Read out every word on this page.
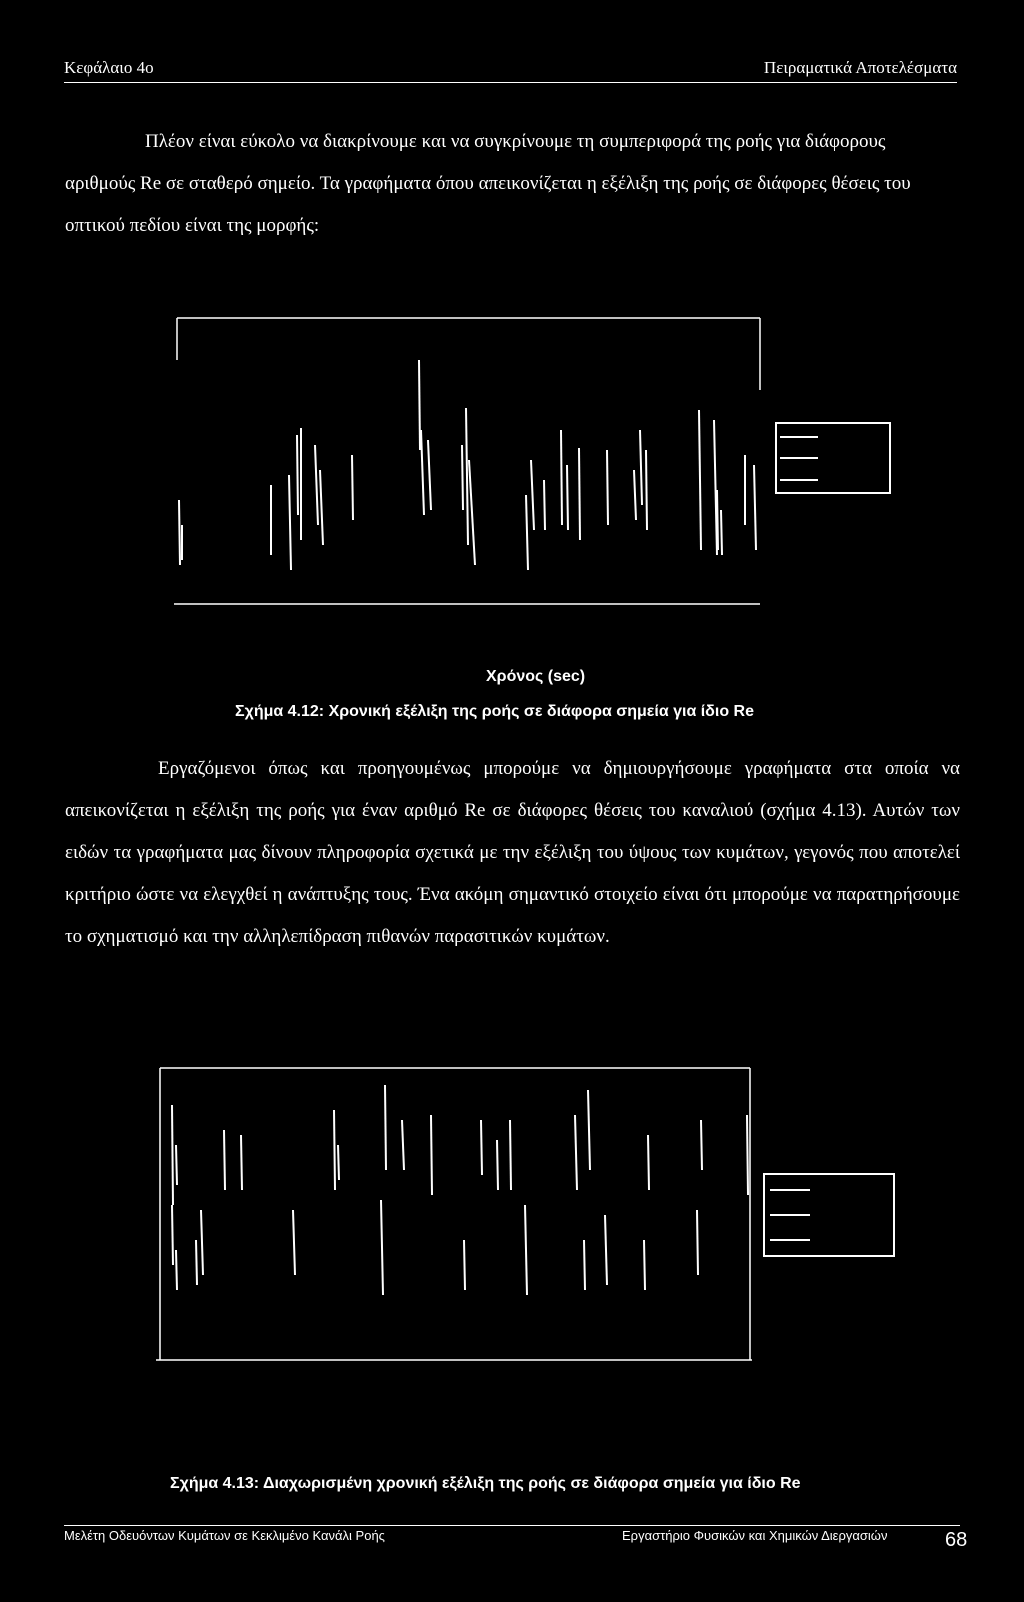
Κεφάλαιο 4ο	Πειραματικά Αποτελέσματα

Πλέον είναι εύκολο να διακρίνουμε και να συγκρίνουμε τη συμπεριφορά της ροής για διάφορους αριθμούς Re σε σταθερό σημείο. Τα γραφήματα όπου απεικονίζεται η εξέλιξη της ροής σε διάφορες θέσεις του οπτικού πεδίου είναι της μορφής:

Χρόνος (sec)
Σχήμα 4.12: Χρονική εξέλιξη της ροής σε διάφορα σημεία για ίδιο Re

Εργαζόμενοι όπως και προηγουμένως μπορούμε να δημιουργήσουμε γραφήματα στα οποία να απεικονίζεται η εξέλιξη της ροής για έναν αριθμό Re σε διάφορες θέσεις του καναλιού (σχήμα 4.13). Αυτών των ειδών τα γραφήματα μας δίνουν πληροφορία σχετικά με την εξέλιξη του ύψους των κυμάτων, γεγονός που αποτελεί κριτήριο ώστε να ελεγχθεί η ανάπτυξης τους. Ένα ακόμη σημαντικό στοιχείο είναι ότι μπορούμε να παρατηρήσουμε το σχηματισμό και την αλληλεπίδραση πιθανών παρασιτικών κυμάτων.

Σχήμα 4.13: Διαχωρισμένη χρονική εξέλιξη της ροής σε διάφορα σημεία για ίδιο Re
Μελέτη Οδευόντων Κυμάτων σε Κεκλιμένο Κανάλι Ροής	Εργαστήριο Φυσικών και Χημικών Διεργασιών	68
